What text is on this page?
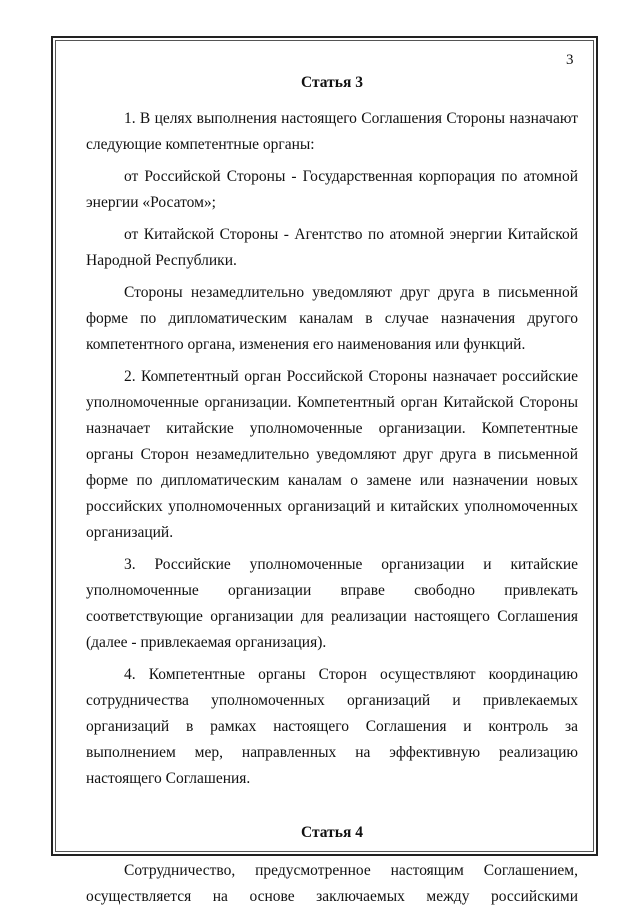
3
Статья 3

1. В целях выполнения настоящего Соглашения Стороны назначают следующие компетентные органы:

от Российской Стороны - Государственная корпорация по атомной энергии «Росатом»;

от Китайской Стороны - Агентство по атомной энергии Китайской Народной Республики.

Стороны незамедлительно уведомляют друг друга в письменной форме по дипломатическим каналам в случае назначения другого компетентного органа, изменения его наименования или функций.

2. Компетентный орган Российской Стороны назначает российские уполномоченные организации. Компетентный орган Китайской Стороны назначает китайские уполномоченные организации. Компетентные органы Сторон незамедлительно уведомляют друг друга в письменной форме по дипломатическим каналам о замене или назначении новых российских уполномоченных организаций и китайских уполномоченных организаций.

3. Российские уполномоченные организации и китайские уполномоченные организации вправе свободно привлекать соответствующие организации для реализации настоящего Соглашения (далее - привлекаемая организация).

4. Компетентные органы Сторон осуществляют координацию сотрудничества уполномоченных организаций и привлекаемых организаций в рамках настоящего Соглашения и контроль за выполнением мер, направленных на эффективную реализацию настоящего Соглашения.

Статья 4

Сотрудничество, предусмотренное настоящим Соглашением, осуществляется на основе заключаемых между российскими
